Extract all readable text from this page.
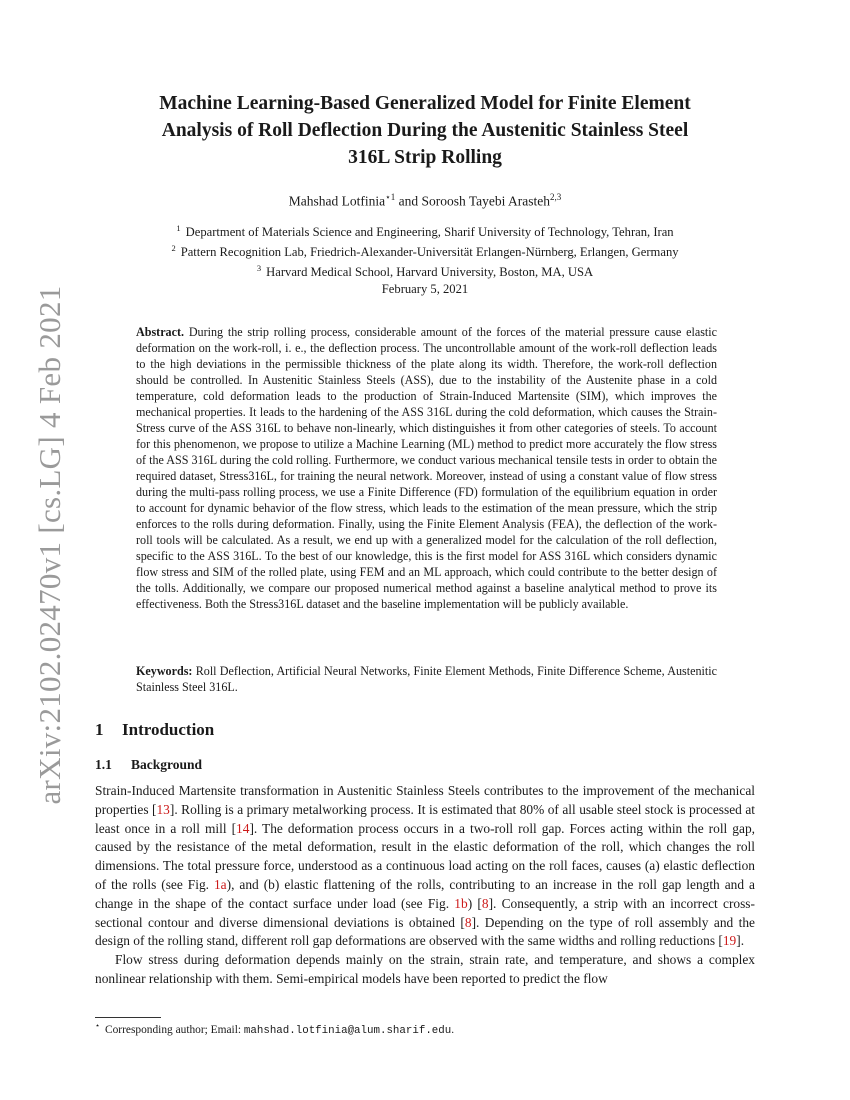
arXiv:2102.02470v1 [cs.LG] 4 Feb 2021
Machine Learning-Based Generalized Model for Finite Element
Analysis of Roll Deflection During the Austenitic Stainless Steel
316L Strip Rolling
Mahshad Lotfinia$^{⋆1}$ and Soroosh Tayebi Arasteh$^{2,3}$
$^1$ Department of Materials Science and Engineering, Sharif University of Technology, Tehran, Iran
$^2$ Pattern Recognition Lab, Friedrich-Alexander-Universität Erlangen-Nürnberg, Erlangen, Germany
$^3$ Harvard Medical School, Harvard University, Boston, MA, USA
February 5, 2021

Abstract. During the strip rolling process, considerable amount of the forces of the material pressure cause elastic deformation on the work-roll, i. e., the deflection process. The uncontrollable amount of the work-roll deflection leads to the high deviations in the permissible thickness of the plate along its width. Therefore, the work-roll deflection should be controlled. In Austenitic Stainless Steels (ASS), due to the instability of the Austenite phase in a cold temperature, cold deformation leads to the production of Strain-Induced Martensite (SIM), which improves the mechanical properties. It leads to the hardening of the ASS 316L during the cold deformation, which causes the Strain-Stress curve of the ASS 316L to behave non-linearly, which distinguishes it from other categories of steels. To account for this phenomenon, we propose to utilize a Machine Learning (ML) method to predict more accurately the flow stress of the ASS 316L during the cold rolling. Furthermore, we conduct various mechanical tensile tests in order to obtain the required dataset, Stress316L, for training the neural network. Moreover, instead of using a constant value of flow stress during the multi-pass rolling process, we use a Finite Difference (FD) formulation of the equilibrium equation in order to account for dynamic behavior of the flow stress, which leads to the estimation of the mean pressure, which the strip enforces to the rolls during deformation. Finally, using the Finite Element Analysis (FEA), the deflection of the work-roll tools will be calculated. As a result, we end up with a generalized model for the calculation of the roll deflection, specific to the ASS 316L. To the best of our knowledge, this is the first model for ASS 316L which considers dynamic flow stress and SIM of the rolled plate, using FEM and an ML approach, which could contribute to the better design of the tolls. Additionally, we compare our proposed numerical method against a baseline analytical method to prove its effectiveness. Both the Stress316L dataset and the baseline implementation will be publicly available.

Keywords: Roll Deflection, Artificial Neural Networks, Finite Element Methods, Finite Difference Scheme, Austenitic Stainless Steel 316L.

1 Introduction
1.1 Background

Strain-Induced Martensite transformation in Austenitic Stainless Steels contributes to the improvement of the mechanical properties [13]. Rolling is a primary metalworking process. It is estimated that 80% of all usable steel stock is processed at least once in a roll mill [14]. The deformation process occurs in a two-roll roll gap. Forces acting within the roll gap, caused by the resistance of the metal deformation, result in the elastic deformation of the roll, which changes the roll dimensions. The total pressure force, understood as a continuous load acting on the roll faces, causes (a) elastic deflection of the rolls (see Fig. 1a), and (b) elastic flattening of the rolls, contributing to an increase in the roll gap length and a change in the shape of the contact surface under load (see Fig. 1b) [8]. Consequently, a strip with an incorrect cross-sectional contour and diverse dimensional deviations is obtained [8]. Depending on the type of roll assembly and the design of the rolling stand, different roll gap deformations are observed with the same widths and rolling reductions [19].

Flow stress during deformation depends mainly on the strain, strain rate, and temperature, and shows a complex nonlinear relationship with them. Semi-empirical models have been reported to predict the flow

⋆ Corresponding author; Email: mahshad.lotfinia@alum.sharif.edu.
